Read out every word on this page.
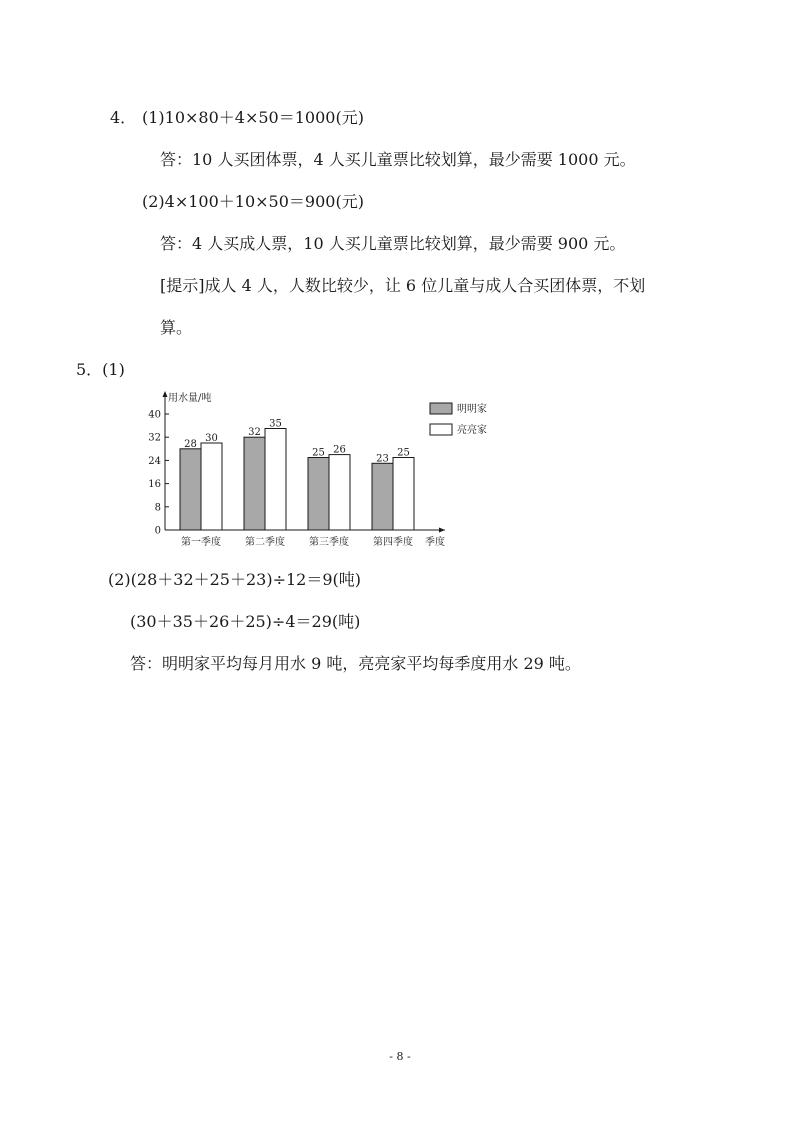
4． (1)10×80＋4×50＝1000(元)
答：10 人买团体票，4 人买儿童票比较划算，最少需要 1000 元。
(2)4×100＋10×50＝900(元)
答：4 人买成人票，10 人买儿童票比较划算，最少需要 900 元。
[提示]成人 4 人，人数比较少，让 6 位儿童与成人合买团体票，不划
算。
5．(1)
0
8
16
24
32
40
用水量/吨
季度
28
30
第一季度
32
35
第二季度
25 26
第三季度
23
25
第四季度
明明家
亮亮家
(2)(28＋32＋25＋23)÷12＝9(吨)
(30＋35＋26＋25)÷4＝29(吨)
答：明明家平均每月用水 9 吨，亮亮家平均每季度用水 29 吨。
- 8 -
